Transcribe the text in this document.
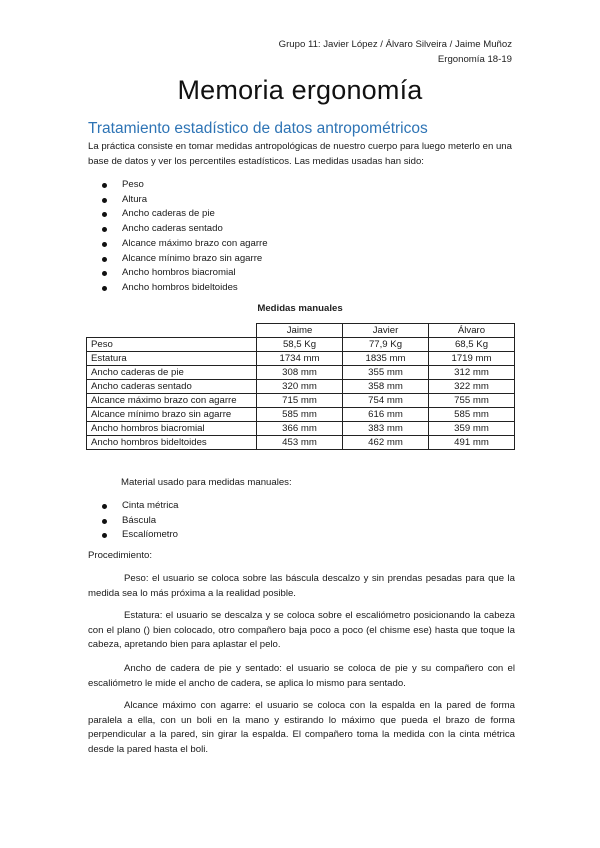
Grupo 11: Javier López / Álvaro Silveira / Jaime Muñoz
Ergonomía 18-19
Memoria ergonomía
Tratamiento estadístico de datos antropométricos
La práctica consiste en tomar medidas antropológicas de nuestro cuerpo para luego meterlo en una base de datos y ver los percentiles estadísticos. Las medidas usadas han sido:
Peso
Altura
Ancho caderas de pie
Ancho caderas sentado
Alcance máximo brazo con agarre
Alcance mínimo brazo sin agarre
Ancho hombros biacromial
Ancho hombros bideltoides
Medidas manuales
	Jaime	Javier	Álvaro
Peso	58,5 Kg	77,9 Kg	68,5 Kg
Estatura	1734 mm	1835 mm	1719 mm
Ancho caderas de pie	308 mm	355 mm	312 mm
Ancho caderas sentado	320 mm	358 mm	322 mm
Alcance máximo brazo con agarre	715 mm	754 mm	755 mm
Alcance mínimo brazo sin agarre	585 mm	616 mm	585 mm
Ancho hombros biacromial	366 mm	383 mm	359 mm
Ancho hombros bideltoides	453 mm	462 mm	491 mm
Material usado para medidas manuales:
Cinta métrica
Báscula
Escalíometro
Procedimiento:
Peso: el usuario se coloca sobre las báscula descalzo y sin prendas pesadas para que la medida sea lo más próxima a la realidad posible.
Estatura: el usuario se descalza y se coloca sobre el escaliómetro posicionando la cabeza con el plano () bien colocado, otro compañero baja poco a poco (el chisme ese) hasta que toque la cabeza, apretando bien para aplastar el pelo.
Ancho de cadera de pie y sentado: el usuario se coloca de pie y su compañero con el escaliómetro le mide el ancho de cadera, se aplica lo mismo para sentado.
Alcance máximo con agarre: el usuario se coloca con la espalda en la pared de forma paralela a ella, con un boli en la mano y estirando lo máximo que pueda el brazo de forma perpendicular a la pared, sin girar la espalda. El compañero toma la medida con la cinta métrica desde la pared hasta el boli.
